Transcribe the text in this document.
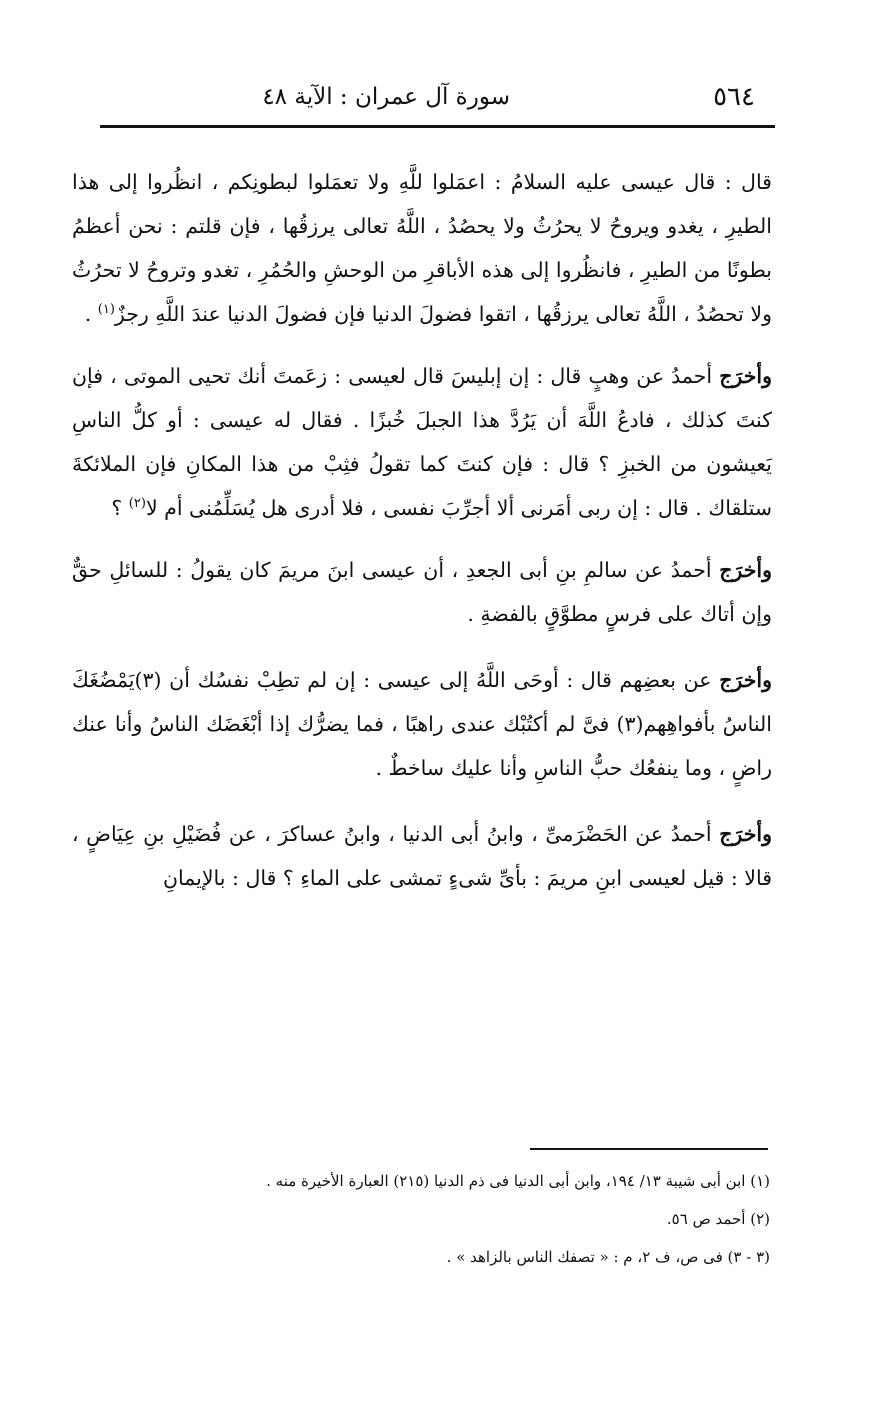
٥٦٤
سورة آل عمران : الآية ٤٨

قال : قال عيسى عليه السلامُ : اعمَلوا للَّهِ ولا تعمَلوا لبطونِكم ، انظُروا إلى هذا الطيرِ ، يغدو ويروحُ لا يحرُثُ ولا يحصُدُ ، اللَّهُ تعالى يرزقُها ، فإن قلتم : نحن أعظمُ بطونًا من الطيرِ ، فانظُروا إلى هذه الأباقرِ من الوحشِ والحُمُرِ ، تغدو وتروحُ لا تحرُثُ ولا تحصُدُ ، اللَّهُ تعالى يرزقُها ، اتقوا فضولَ الدنيا فإن فضولَ الدنيا عندَ اللَّهِ رجزٌ$^{(١)}$ .

وأخرَج أحمدُ عن وهبٍ قال : إن إبليسَ قال لعيسى : زعَمتَ أنك تحيى الموتى ، فإن كنتَ كذلك ، فادعُ اللَّهَ أن يَرُدَّ هذا الجبلَ خُبزًا . فقال له عيسى : أو كلُّ الناسِ يَعيشون من الخبزِ ؟ قال : فإن كنتَ كما تقولُ فثِبْ من هذا المكانِ فإن الملائكةَ ستلقاك . قال : إن ربى أمَرنى ألا أجرِّبَ نفسى ، فلا أدرى هل يُسَلِّمُنى أم لا$^{(٢)}$ ؟

وأخرَج أحمدُ عن سالمِ بنِ أبى الجعدِ ، أن عيسى ابنَ مريمَ كان يقولُ : للسائلِ حقٌّ وإن أتاك على فرسٍ مطوَّقٍ بالفضةِ .

وأخرَج عن بعضِهم قال : أوحَى اللَّهُ إلى عيسى : إن لم تطِبْ نفسُك أن (٣)يَمْضُغَكَ الناسُ بأفواهِهم(٣) فىَّ لم أكتُبْك عندى راهبًا ، فما يضرُّك إذا أبْغَضَك الناسُ وأنا عنك راضٍ ، وما ينفعُك حبُّ الناسِ وأنا عليك ساخطٌ .

وأخرَج أحمدُ عن الحَضْرَمىِّ ، وابنُ أبى الدنيا ، وابنُ عساكرَ ، عن فُضَيْلِ بنِ عِيَاضٍ ، قالا : قيل لعيسى ابنِ مريمَ : بأىِّ شىءٍ تمشى على الماءِ ؟ قال : بالإيمانِ

(١) ابن أبى شيبة ١٣/ ١٩٤، وابن أبى الدنيا فى ذم الدنيا (٢١٥) العبارة الأخيرة منه .

(٢) أحمد ص ٥٦.

(٣ - ٣) فى ص، ف ٢، م : « تصفك الناس بالزاهد » .
